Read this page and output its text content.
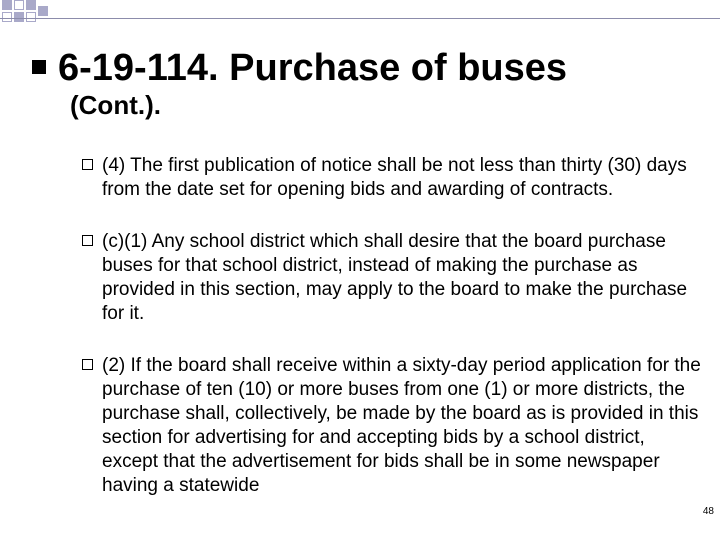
6-19-114. Purchase of buses
(Cont.).
(4) The first publication of notice shall be not less than thirty (30) days from the date set for opening bids and awarding of contracts.
(c)(1) Any school district which shall desire that the board purchase buses for that school district, instead of making the purchase as provided in this section, may apply to the board to make the purchase for it.
(2) If the board shall receive within a sixty-day period application for the purchase of ten (10) or more buses from one (1) or more districts, the purchase shall, collectively, be made by the board as is provided in this section for advertising for and accepting bids by a school district, except that the advertisement for bids shall be in some newspaper having a statewide
48
